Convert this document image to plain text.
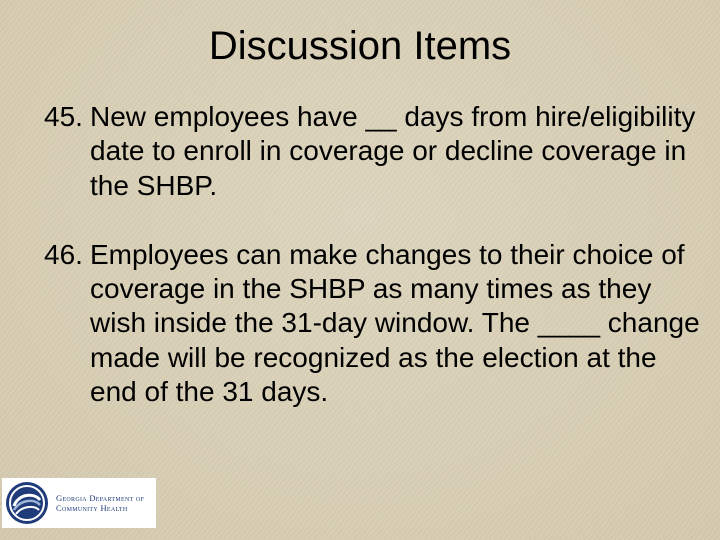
Discussion Items
45. New employees have __ days from hire/eligibility date to enroll in coverage or decline coverage in the SHBP.
46. Employees can make changes to their choice of coverage in the SHBP as many times as they wish inside the 31-day window. The ____ change made will be recognized as the election at the end of the 31 days.
Georgia Department of
Community Health
